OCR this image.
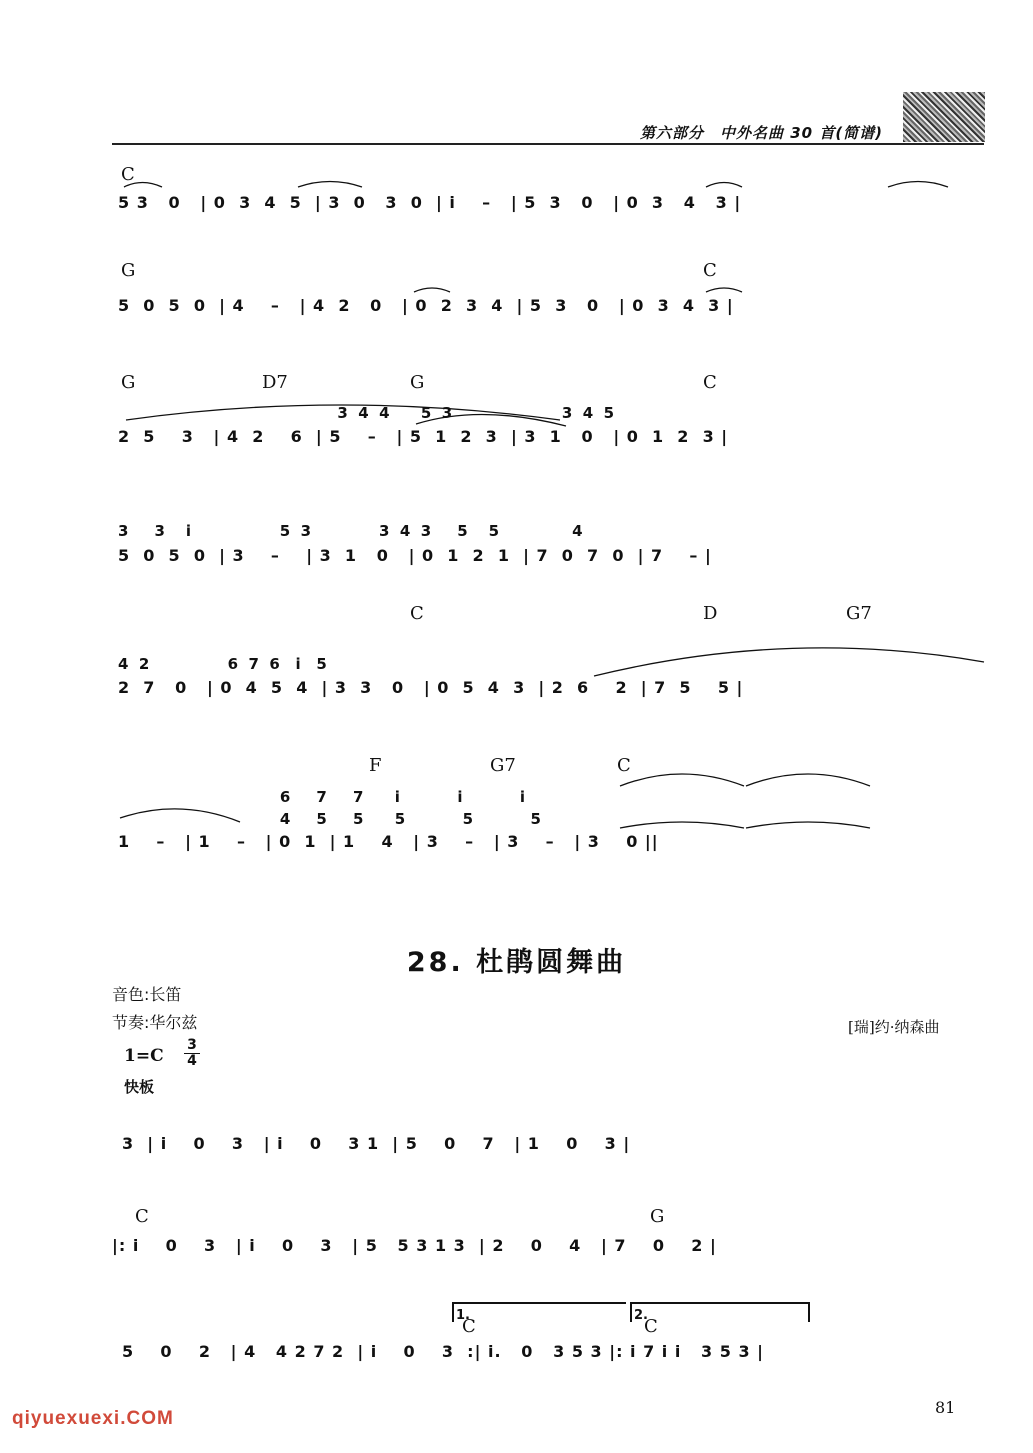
第六部分　中外名曲 30 首(简谱)
C
5 3   0   | 0  3  4  5  | 3  0   3  0  | i    –   | 5  3   0   | 0  3   4   3 |
G	C
5  0  5  0  | 4    –   | 4  2   0   | 0  2  3  4  | 5  3   0   | 0  3  4  3 |
G	D7	G	C
3  4  4      5  3                     3  4  5
2  5    3   | 4  2    6  | 5    –   | 5  1  2  3  | 3  1   0   | 0  1  2  3 |
3     3    i                 5  3             3  4  3     5    5              4
5  0  5  0  | 3    –    | 3  1   0   | 0  1  2  1  | 7  0  7  0  | 7    – |
C	D	G7
4  2               6  7  6   i   5
2  7   0   | 0  4  5  4  | 3  3   0   | 0  5  4  3  | 2  6    2  | 7  5    5 |
F	G7	C
6     7     7      i           i           i
4     5     5      5           5           5
1    –   | 1    –   | 0  1  | 1    4   | 3    –   | 3    –   | 3    0 ||
28. 杜鹃圆舞曲
音色:长笛
节奏:华尔兹	[瑞]约·纳森曲
1=C
3
4
快板
3  | i    0    3   | i    0    3 1  | 5    0    7   | 1    0    3 |
C	G
|: i    0    3   | i    0    3   | 5   5 3 1 3  | 2    0    4   | 7    0    2 |
1.	2.
C	C
5    0    2   | 4   4 2 7 2  | i    0    3  :| i.   0   3 5 3 |: i 7 i i   3 5 3 |
81
qiyuexuexi.COM
